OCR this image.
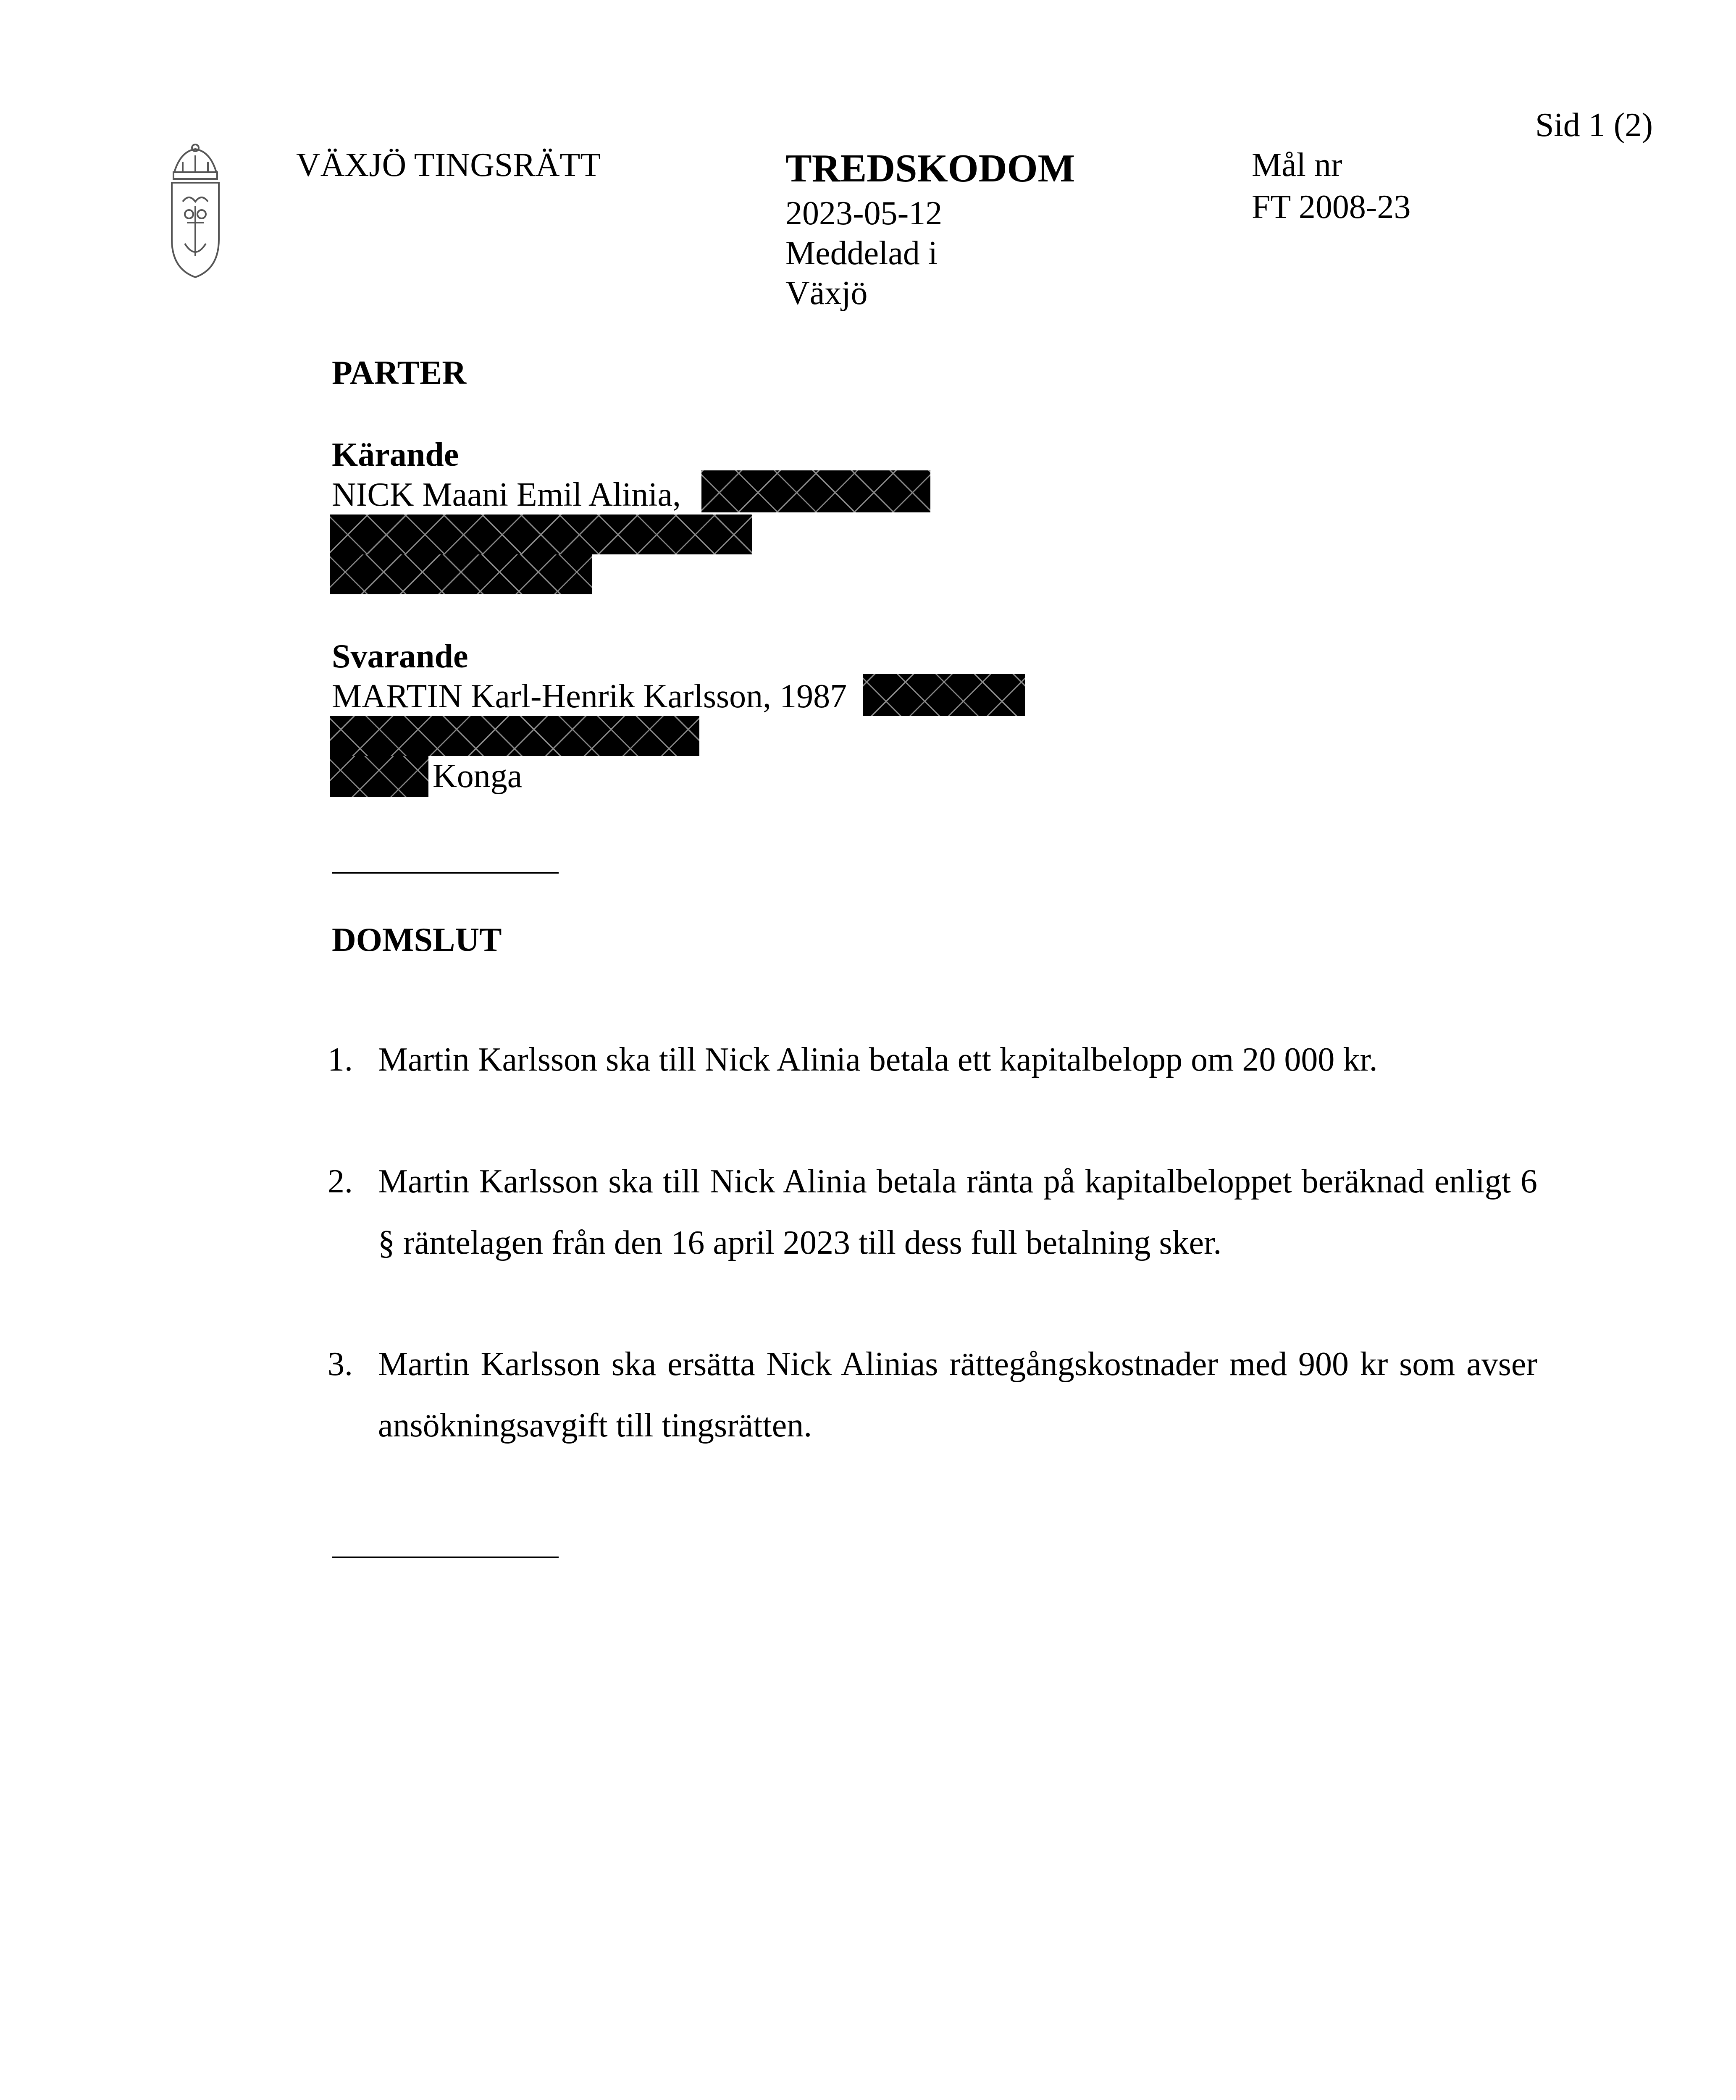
VÄXJÖ TINGSRÄTT	TREDSKODOM
2023-05-12
Meddelad i
Växjö
Mål nr
FT 2008-23
Sid 1 (2)
PARTER
Kärande
NICK Maani Emil Alinia,
Svarande
MARTIN Karl-Henrik Karlsson, 1987
Konga
DOMSLUT
1. Martin Karlsson ska till Nick Alinia betala ett kapitalbelopp om 20 000 kr.
2. Martin Karlsson ska till Nick Alinia betala ränta på kapitalbeloppet beräknad enligt 6 § räntelagen från den 16 april 2023 till dess full betalning sker.
3. Martin Karlsson ska ersätta Nick Alinias rättegångskostnader med 900 kr som avser ansökningsavgift till tingsrätten.
